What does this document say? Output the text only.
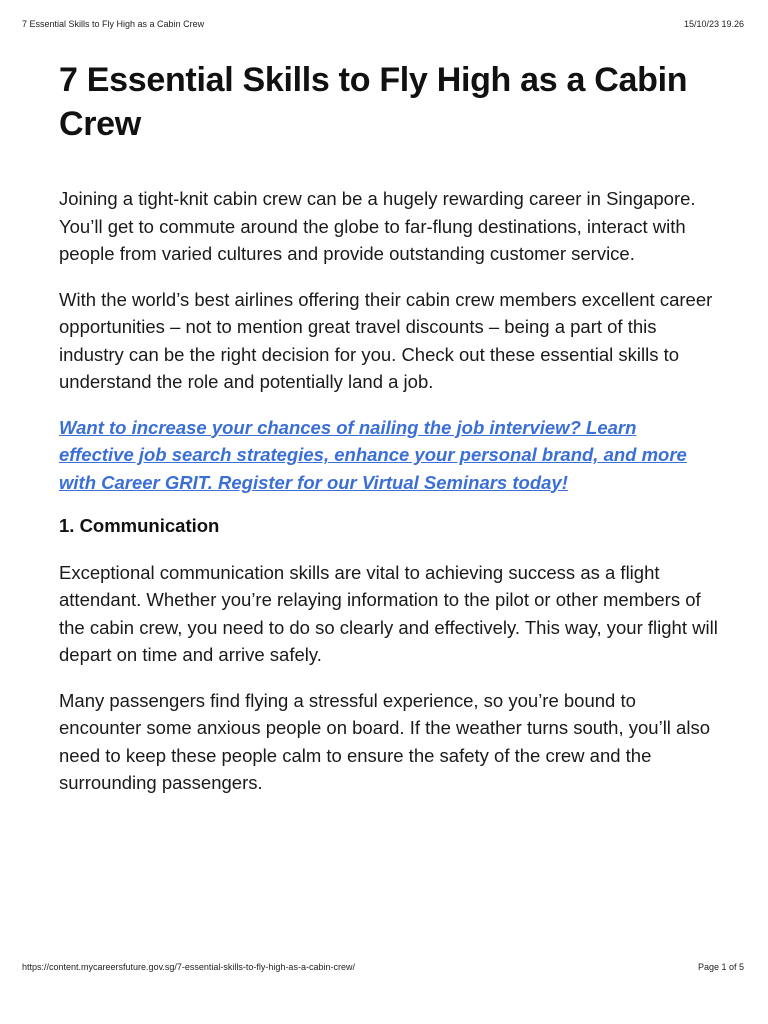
7 Essential Skills to Fly High as a Cabin Crew	15/10/23 19.26
7 Essential Skills to Fly High as a Cabin Crew

Joining a tight-knit cabin crew can be a hugely rewarding career in Singapore. You’ll get to commute around the globe to far-flung destinations, interact with people from varied cultures and provide outstanding customer service.

With the world’s best airlines offering their cabin crew members excellent career opportunities – not to mention great travel discounts – being a part of this industry can be the right decision for you. Check out these essential skills to understand the role and potentially land a job.

Want to increase your chances of nailing the job interview? Learn effective job search strategies, enhance your personal brand, and more with Career GRIT. Register for our Virtual Seminars today!
1. Communication

Exceptional communication skills are vital to achieving success as a flight attendant. Whether you’re relaying information to the pilot or other members of the cabin crew, you need to do so clearly and effectively. This way, your flight will depart on time and arrive safely.

Many passengers find flying a stressful experience, so you’re bound to encounter some anxious people on board. If the weather turns south, you’ll also need to keep these people calm to ensure the safety of the crew and the surrounding passengers.

https://content.mycareersfuture.gov.sg/7-essential-skills-to-fly-high-as-a-cabin-crew/	Page 1 of 5
